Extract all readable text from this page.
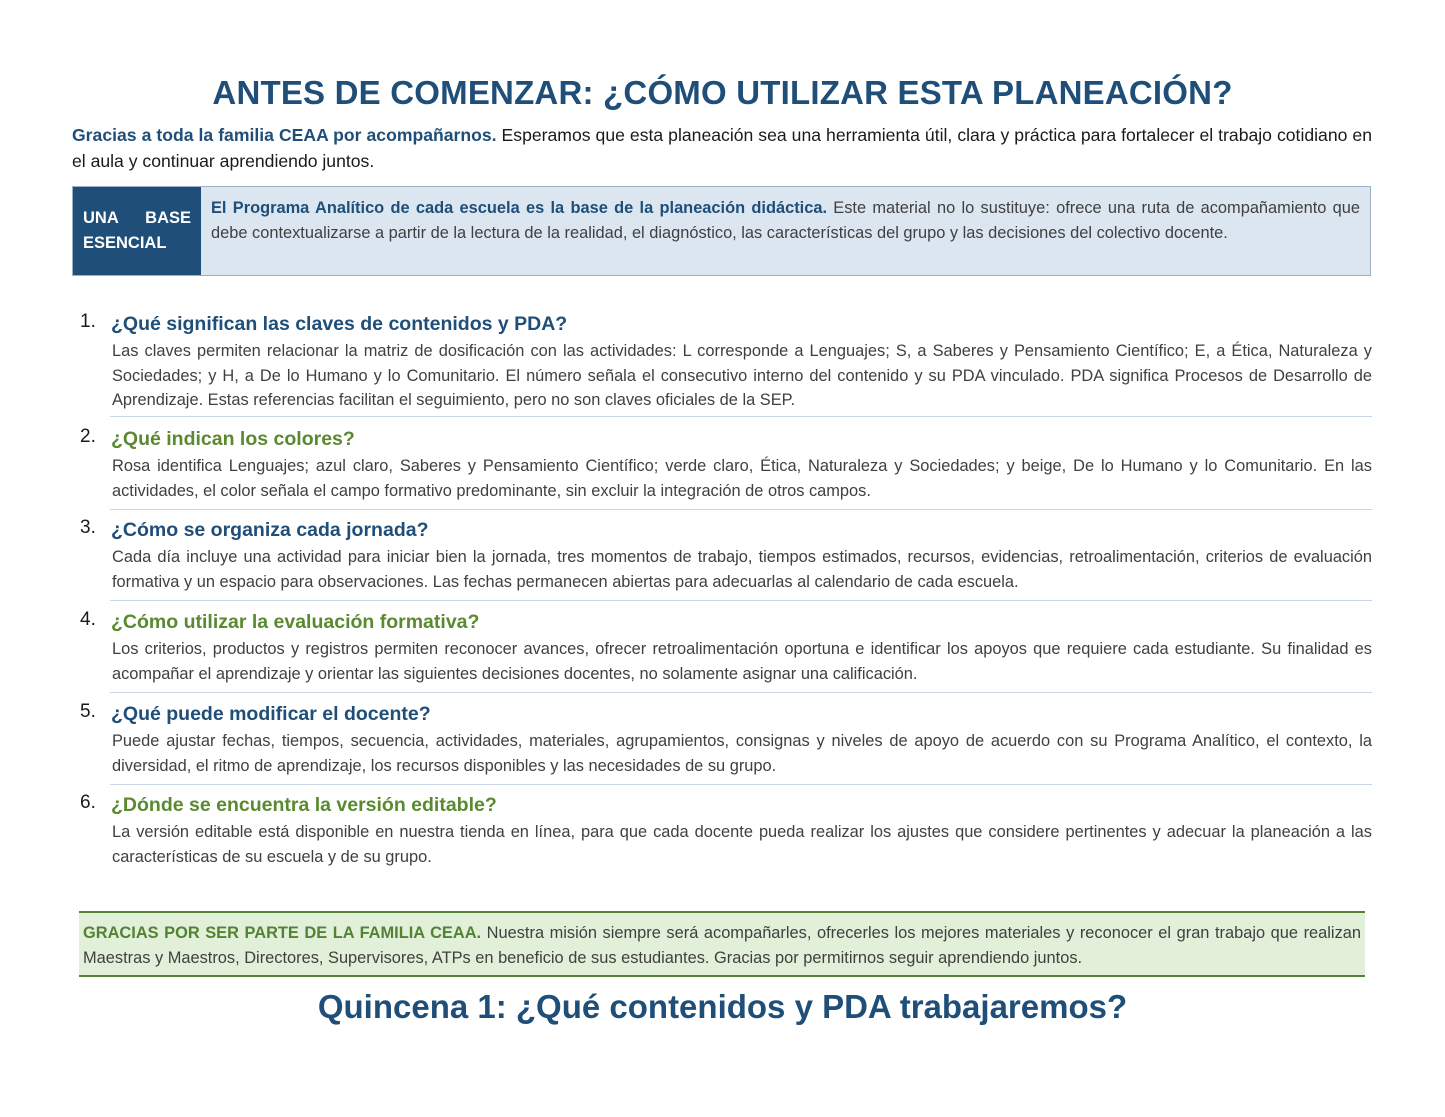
ANTES DE COMENZAR: ¿CÓMO UTILIZAR ESTA PLANEACIÓN?
Gracias a toda la familia CEAA por acompañarnos. Esperamos que esta planeación sea una herramienta útil, clara y práctica para fortalecer el trabajo cotidiano en el aula y continuar aprendiendo juntos.
UNA BASE ESENCIAL
El Programa Analítico de cada escuela es la base de la planeación didáctica. Este material no lo sustituye: ofrece una ruta de acompañamiento que debe contextualizarse a partir de la lectura de la realidad, el diagnóstico, las características del grupo y las decisiones del colectivo docente.
1. ¿Qué significan las claves de contenidos y PDA?
Las claves permiten relacionar la matriz de dosificación con las actividades: L corresponde a Lenguajes; S, a Saberes y Pensamiento Científico; E, a Ética, Naturaleza y Sociedades; y H, a De lo Humano y lo Comunitario. El número señala el consecutivo interno del contenido y su PDA vinculado. PDA significa Procesos de Desarrollo de Aprendizaje. Estas referencias facilitan el seguimiento, pero no son claves oficiales de la SEP.
2. ¿Qué indican los colores?
Rosa identifica Lenguajes; azul claro, Saberes y Pensamiento Científico; verde claro, Ética, Naturaleza y Sociedades; y beige, De lo Humano y lo Comunitario. En las actividades, el color señala el campo formativo predominante, sin excluir la integración de otros campos.
3. ¿Cómo se organiza cada jornada?
Cada día incluye una actividad para iniciar bien la jornada, tres momentos de trabajo, tiempos estimados, recursos, evidencias, retroalimentación, criterios de evaluación formativa y un espacio para observaciones. Las fechas permanecen abiertas para adecuarlas al calendario de cada escuela.
4. ¿Cómo utilizar la evaluación formativa?
Los criterios, productos y registros permiten reconocer avances, ofrecer retroalimentación oportuna e identificar los apoyos que requiere cada estudiante. Su finalidad es acompañar el aprendizaje y orientar las siguientes decisiones docentes, no solamente asignar una calificación.
5. ¿Qué puede modificar el docente?
Puede ajustar fechas, tiempos, secuencia, actividades, materiales, agrupamientos, consignas y niveles de apoyo de acuerdo con su Programa Analítico, el contexto, la diversidad, el ritmo de aprendizaje, los recursos disponibles y las necesidades de su grupo.
6. ¿Dónde se encuentra la versión editable?
La versión editable está disponible en nuestra tienda en línea, para que cada docente pueda realizar los ajustes que considere pertinentes y adecuar la planeación a las características de su escuela y de su grupo.
GRACIAS POR SER PARTE DE LA FAMILIA CEAA. Nuestra misión siempre será acompañarles, ofrecerles los mejores materiales y reconocer el gran trabajo que realizan Maestras y Maestros, Directores, Supervisores, ATPs en beneficio de sus estudiantes. Gracias por permitirnos seguir aprendiendo juntos.
Quincena 1: ¿Qué contenidos y PDA trabajaremos?
